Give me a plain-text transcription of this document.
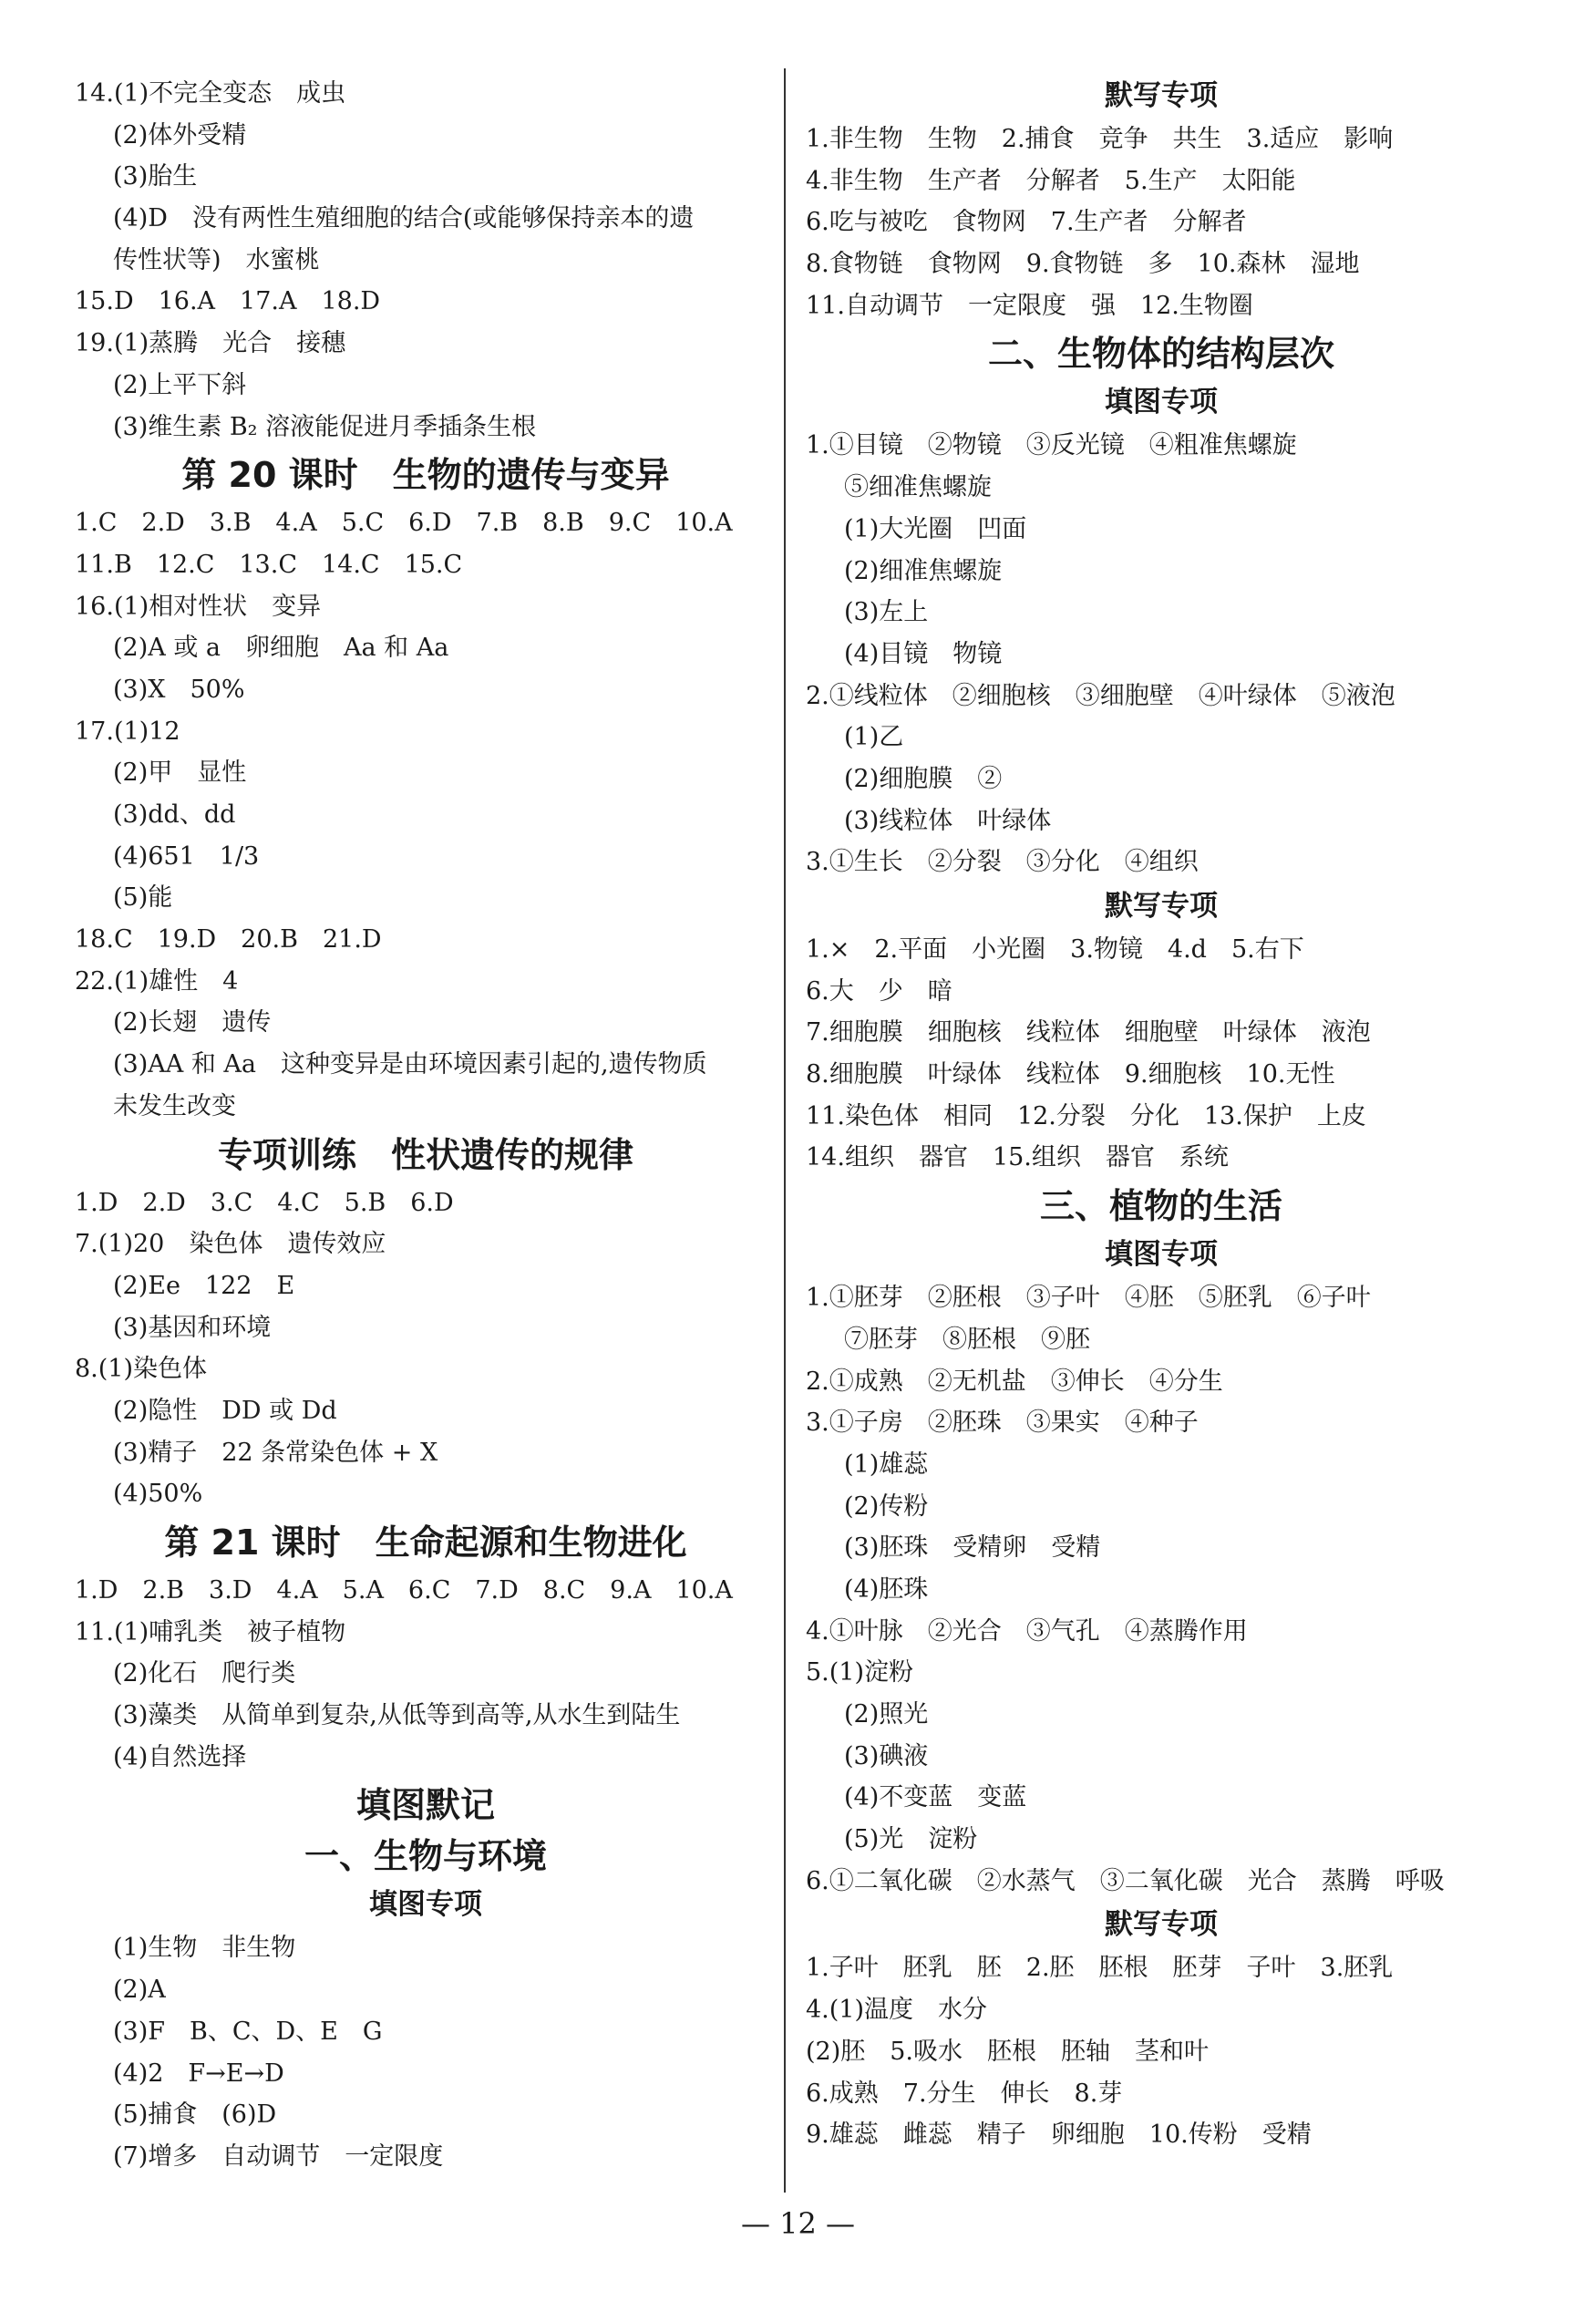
14.(1)不完全变态　成虫
(2)体外受精
(3)胎生
(4)D　没有两性生殖细胞的结合(或能够保持亲本的遗
传性状等)　水蜜桃
15.D　16.A　17.A　18.D
19.(1)蒸腾　光合　接穗
(2)上平下斜
(3)维生素 B₂ 溶液能促进月季插条生根
第 20 课时　生物的遗传与变异
1.C　2.D　3.B　4.A　5.C　6.D　7.B　8.B　9.C　10.A
11.B　12.C　13.C　14.C　15.C
16.(1)相对性状　变异
(2)A 或 a　卵细胞　Aa 和 Aa
(3)X　50%
17.(1)12
(2)甲　显性
(3)dd、dd
(4)651　1/3
(5)能
18.C　19.D　20.B　21.D
22.(1)雄性　4
(2)长翅　遗传
(3)AA 和 Aa　这种变异是由环境因素引起的,遗传物质
未发生改变
专项训练　性状遗传的规律
1.D　2.D　3.C　4.C　5.B　6.D
7.(1)20　染色体　遗传效应
(2)Ee　122　E
(3)基因和环境
8.(1)染色体
(2)隐性　DD 或 Dd
(3)精子　22 条常染色体 + X
(4)50%
第 21 课时　生命起源和生物进化
1.D　2.B　3.D　4.A　5.A　6.C　7.D　8.C　9.A　10.A
11.(1)哺乳类　被子植物
(2)化石　爬行类
(3)藻类　从简单到复杂,从低等到高等,从水生到陆生
(4)自然选择
填图默记
一、生物与环境
填图专项
(1)生物　非生物
(2)A
(3)F　B、C、D、E　G
(4)2　F→E→D
(5)捕食　(6)D
(7)增多　自动调节　一定限度
默写专项
1.非生物　生物　2.捕食　竞争　共生　3.适应　影响
4.非生物　生产者　分解者　5.生产　太阳能
6.吃与被吃　食物网　7.生产者　分解者
8.食物链　食物网　9.食物链　多　10.森林　湿地
11.自动调节　一定限度　强　12.生物圈
二、生物体的结构层次
填图专项
1.①目镜　②物镜　③反光镜　④粗准焦螺旋
⑤细准焦螺旋
(1)大光圈　凹面
(2)细准焦螺旋
(3)左上
(4)目镜　物镜
2.①线粒体　②细胞核　③细胞壁　④叶绿体　⑤液泡
(1)乙
(2)细胞膜　②
(3)线粒体　叶绿体
3.①生长　②分裂　③分化　④组织
默写专项
1.×　2.平面　小光圈　3.物镜　4.d　5.右下
6.大　少　暗
7.细胞膜　细胞核　线粒体　细胞壁　叶绿体　液泡
8.细胞膜　叶绿体　线粒体　9.细胞核　10.无性
11.染色体　相同　12.分裂　分化　13.保护　上皮
14.组织　器官　15.组织　器官　系统
三、植物的生活
填图专项
1.①胚芽　②胚根　③子叶　④胚　⑤胚乳　⑥子叶
⑦胚芽　⑧胚根　⑨胚
2.①成熟　②无机盐　③伸长　④分生
3.①子房　②胚珠　③果实　④种子
(1)雄蕊
(2)传粉
(3)胚珠　受精卵　受精
(4)胚珠
4.①叶脉　②光合　③气孔　④蒸腾作用
5.(1)淀粉
(2)照光
(3)碘液
(4)不变蓝　变蓝
(5)光　淀粉
6.①二氧化碳　②水蒸气　③二氧化碳　光合　蒸腾　呼吸
默写专项
1.子叶　胚乳　胚　2.胚　胚根　胚芽　子叶　3.胚乳
4.(1)温度　水分
(2)胚　5.吸水　胚根　胚轴　茎和叶
6.成熟　7.分生　伸长　8.芽
9.雄蕊　雌蕊　精子　卵细胞　10.传粉　受精
— 12 —
